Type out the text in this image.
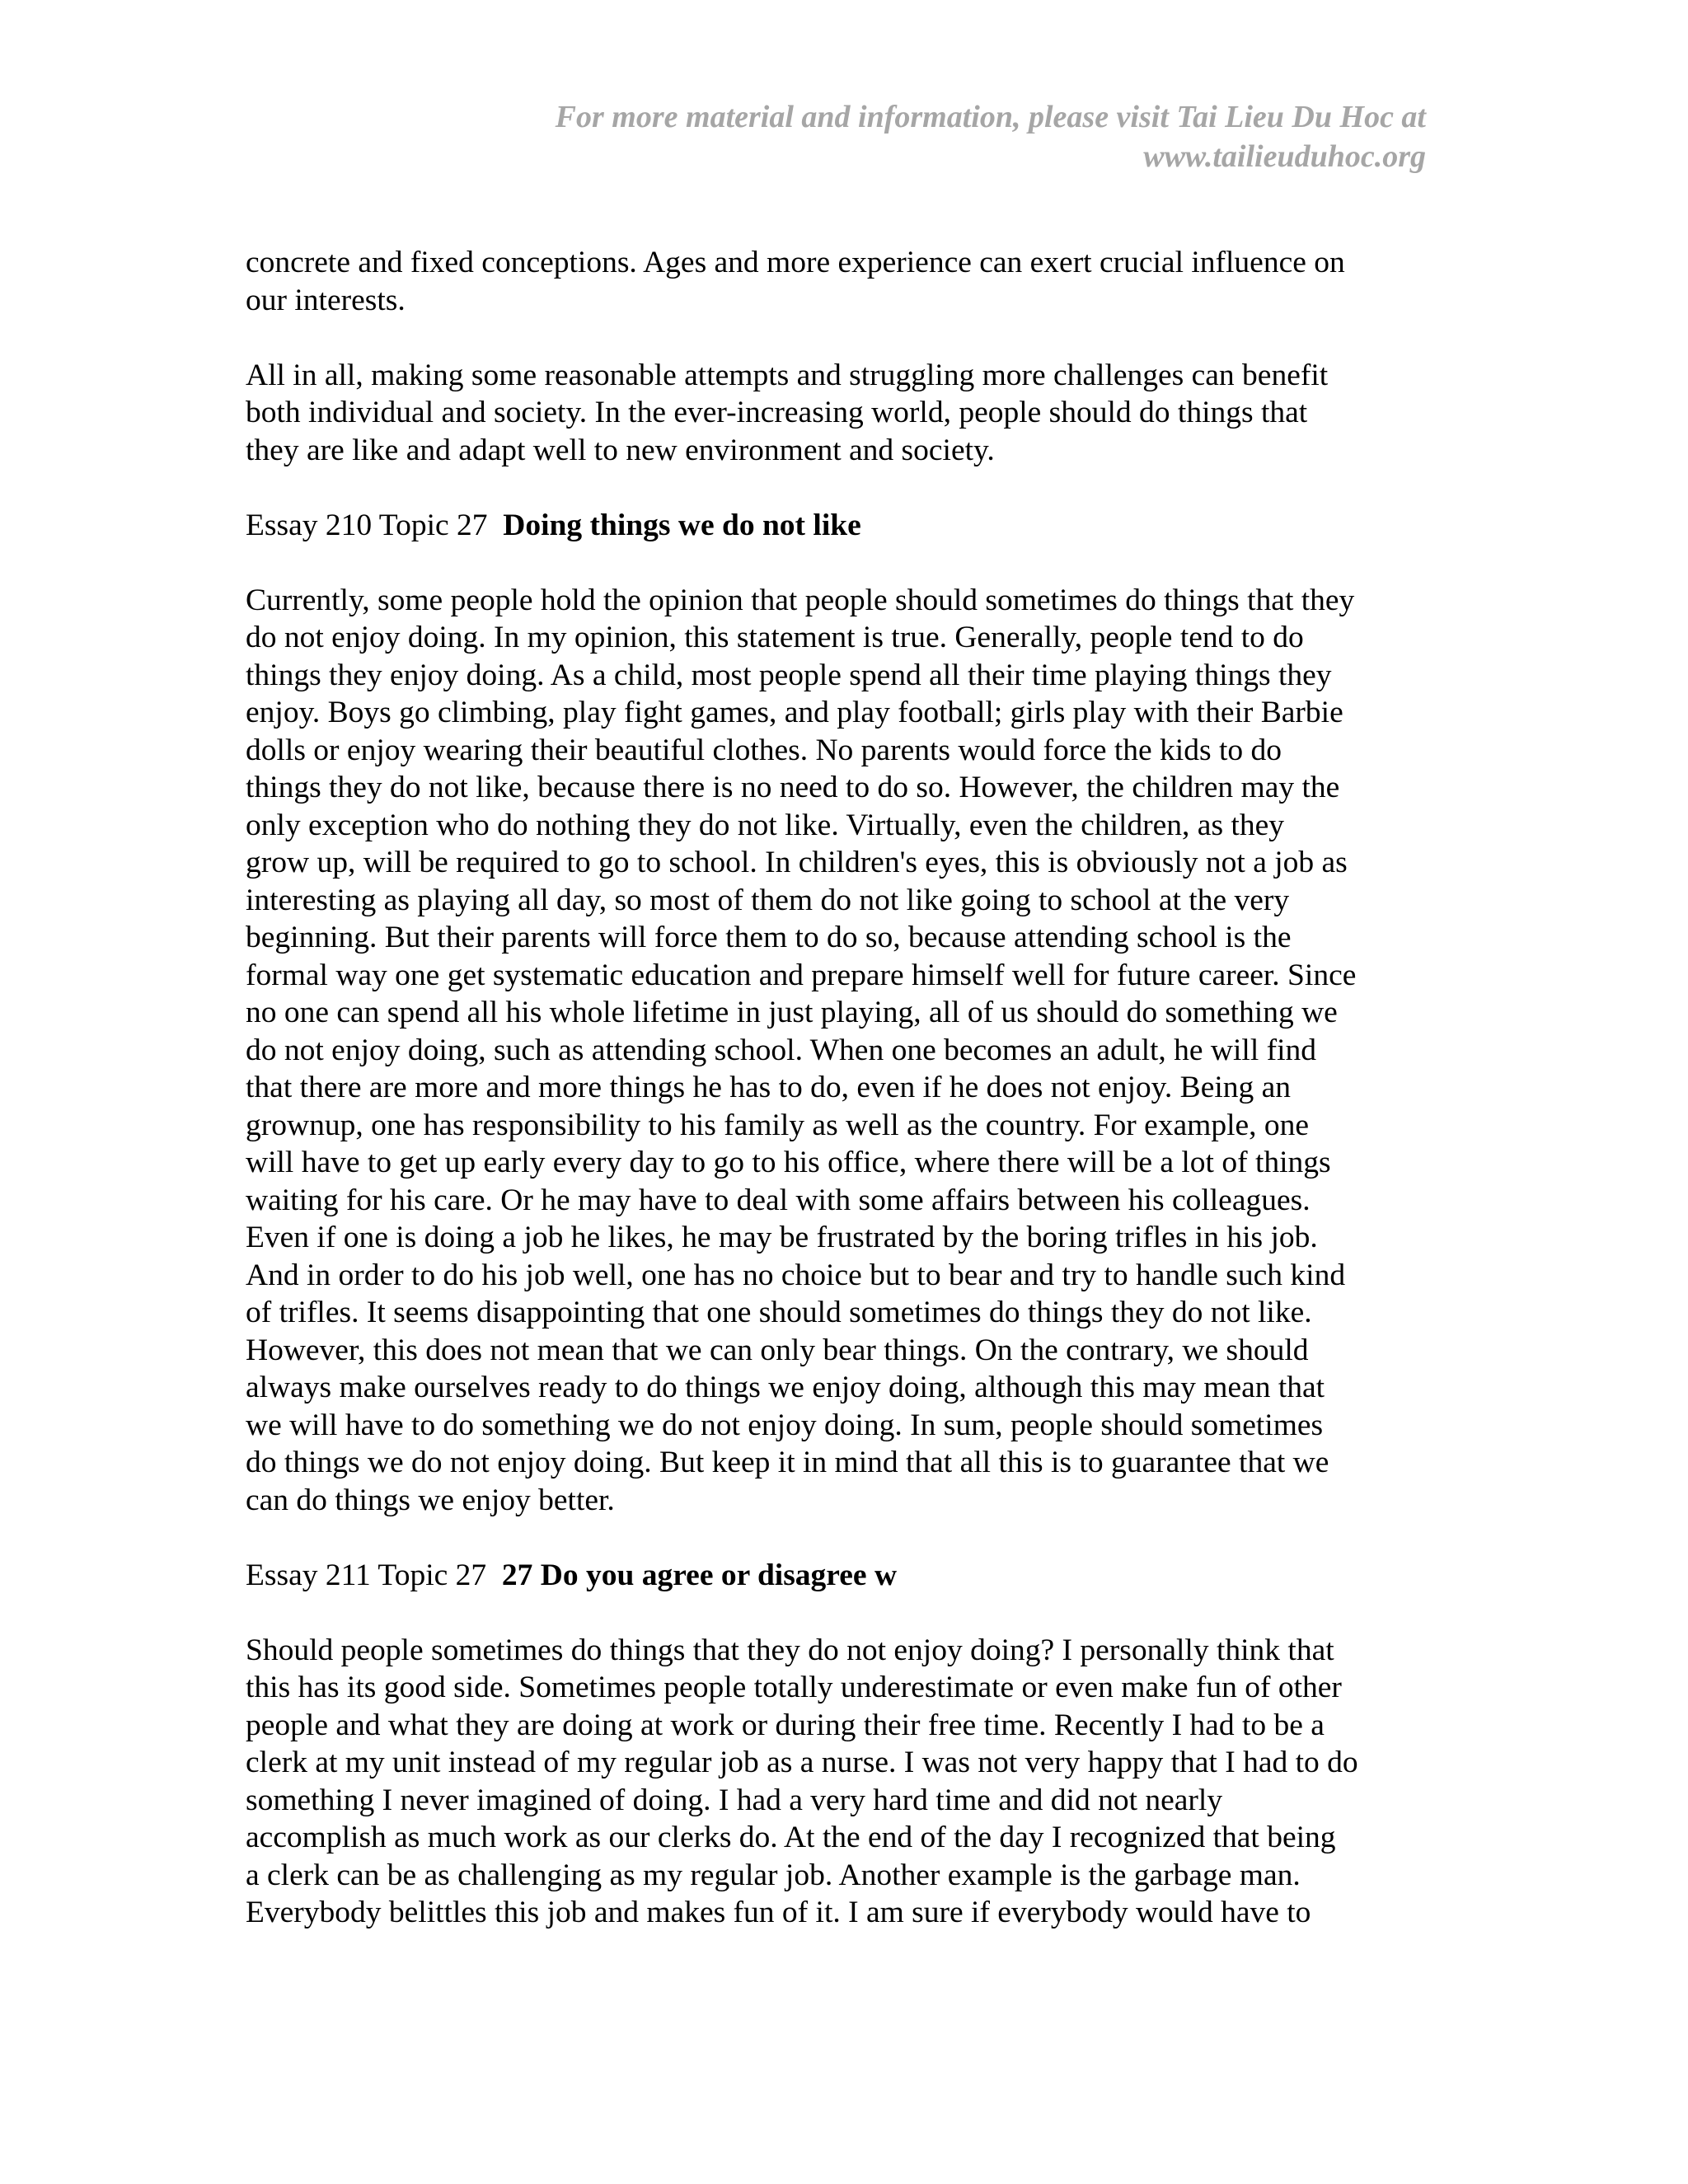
For more material and information, please visit Tai Lieu Du Hoc at
www.tailieuduhoc.org

concrete and fixed conceptions. Ages and more experience can exert crucial influence on
our interests.

All in all, making some reasonable attempts and struggling more challenges can benefit
both individual and society. In the ever-increasing world, people should do things that
they are like and adapt well to new environment and society.

Essay 210 Topic 27 Doing things we do not like

Currently, some people hold the opinion that people should sometimes do things that they
do not enjoy doing. In my opinion, this statement is true. Generally, people tend to do
things they enjoy doing. As a child, most people spend all their time playing things they
enjoy. Boys go climbing, play fight games, and play football; girls play with their Barbie
dolls or enjoy wearing their beautiful clothes. No parents would force the kids to do
things they do not like, because there is no need to do so. However, the children may the
only exception who do nothing they do not like. Virtually, even the children, as they
grow up, will be required to go to school. In children's eyes, this is obviously not a job as
interesting as playing all day, so most of them do not like going to school at the very
beginning. But their parents will force them to do so, because attending school is the
formal way one get systematic education and prepare himself well for future career. Since
no one can spend all his whole lifetime in just playing, all of us should do something we
do not enjoy doing, such as attending school. When one becomes an adult, he will find
that there are more and more things he has to do, even if he does not enjoy. Being an
grownup, one has responsibility to his family as well as the country. For example, one
will have to get up early every day to go to his office, where there will be a lot of things
waiting for his care. Or he may have to deal with some affairs between his colleagues.
Even if one is doing a job he likes, he may be frustrated by the boring trifles in his job.
And in order to do his job well, one has no choice but to bear and try to handle such kind
of trifles. It seems disappointing that one should sometimes do things they do not like.
However, this does not mean that we can only bear things. On the contrary, we should
always make ourselves ready to do things we enjoy doing, although this may mean that
we will have to do something we do not enjoy doing. In sum, people should sometimes
do things we do not enjoy doing. But keep it in mind that all this is to guarantee that we
can do things we enjoy better.

Essay 211 Topic 27 27 Do you agree or disagree w

Should people sometimes do things that they do not enjoy doing? I personally think that
this has its good side. Sometimes people totally underestimate or even make fun of other
people and what they are doing at work or during their free time. Recently I had to be a
clerk at my unit instead of my regular job as a nurse. I was not very happy that I had to do
something I never imagined of doing. I had a very hard time and did not nearly
accomplish as much work as our clerks do. At the end of the day I recognized that being
a clerk can be as challenging as my regular job. Another example is the garbage man.
Everybody belittles this job and makes fun of it. I am sure if everybody would have to
